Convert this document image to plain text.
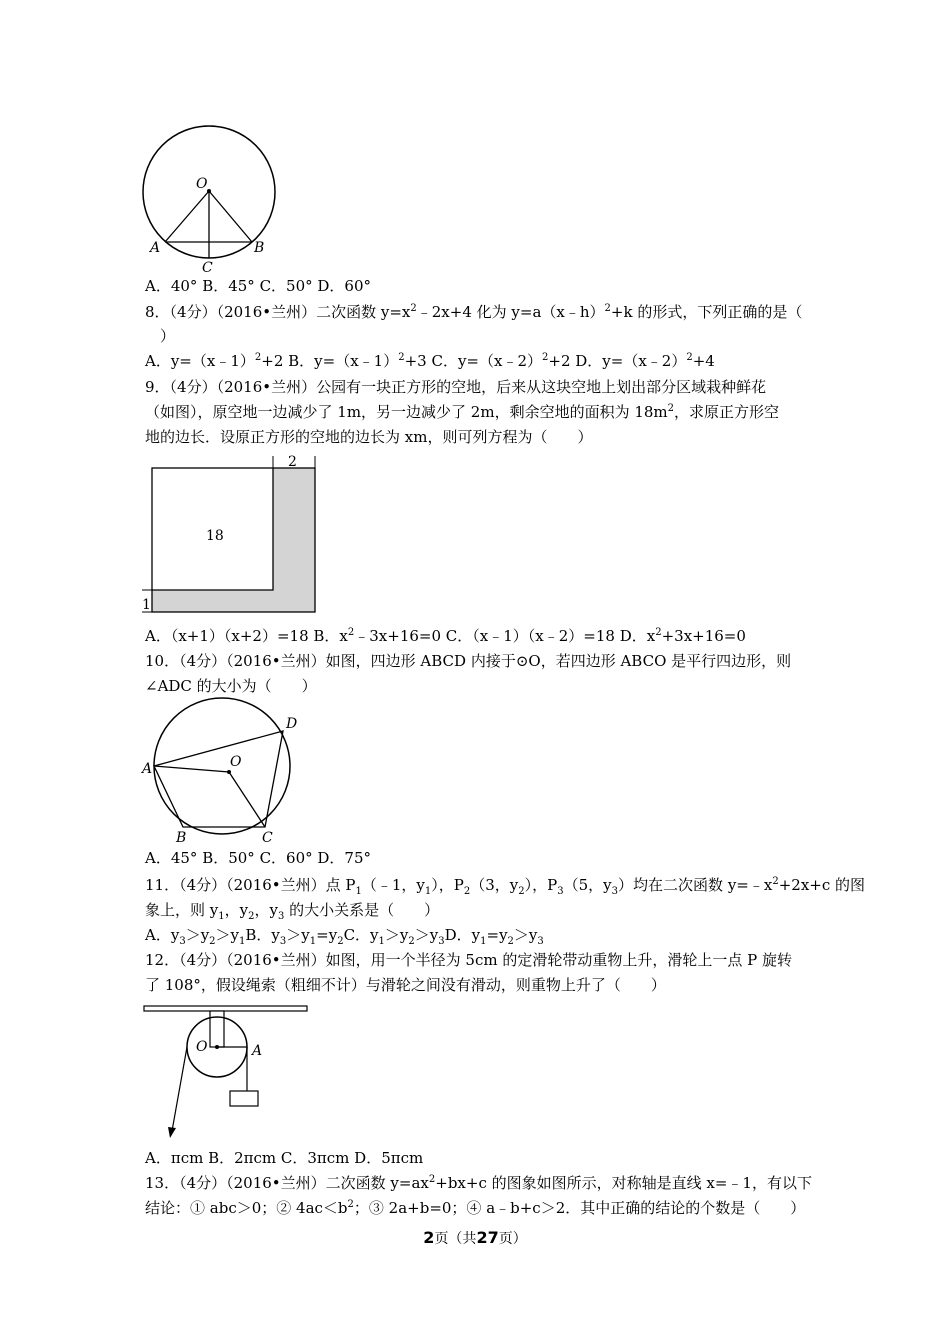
O
A	B
C
A．40° B．45° C．50° D．60°
8．（4分）（2016•兰州）二次函数 $y=x^2﹣2x+4$ 化为 y=a（x﹣h）$^2$+k 的形式，下列正确的是（
）
A．y=（x﹣1）$^2$+2 B．y=（x﹣1）$^2$+3 C．y=（x﹣2）$^2$+2 D．y=（x﹣2）$^2$+4
9．（4分）（2016•兰州）公园有一块正方形的空地，后来从这块空地上划出部分区域栽种鲜花
（如图），原空地一边减少了 1m，另一边减少了 2m，剩余空地的面积为 $18m^2$，求原正方形空
地的边长．设原正方形的空地的边长为 xm，则可列方程为（　　）
2
18
1
A．（x+1）（x+2）=18 B．$x^2﹣3x+16=0$ C．（x﹣1）（x﹣2）=18 D．$x^2+3x+16=0$
10．（4分）（2016•兰州）如图，四边形 ABCD 内接于⊙O，若四边形 ABCO 是平行四边形，则
∠ADC 的大小为（　　）
A
B	C
D
O
A．45° B．50° C．60° D．75°
11．（4分）（2016•兰州）点 $P_1(﹣1$，$y_1$），$P_2(3$，$y_2$），$P_3(5$，$y_3$）均在二次函数 $y=﹣x^2+2x+c$ 的图
象上，则 $y_1$，$y_2$，$y_3$ 的大小关系是（　　）
A．$y_3>y_2>y_1B$．$y_3>y_1=y_2C$．$y_1>y_2>y_3D$．$y_1=y_2>y_3$
12．（4分）（2016•兰州）如图，用一个半径为 5cm 的定滑轮带动重物上升，滑轮上一点 P 旋转
了 108°，假设绳索（粗细不计）与滑轮之间没有滑动，则重物上升了（　　）
O	A
A．πcm B．2πcm C．3πcm D．5πcm
13．（4分）（2016•兰州）二次函数 $y=ax^2+bx+c$ 的图象如图所示，对称轴是直线 x=﹣1，有以下
结论：① abc＞0；② $4ac<b^2$；③ 2a+b=0；④ a﹣b+c＞2．其中正确的结论的个数是（　　）
2页（共27页）
